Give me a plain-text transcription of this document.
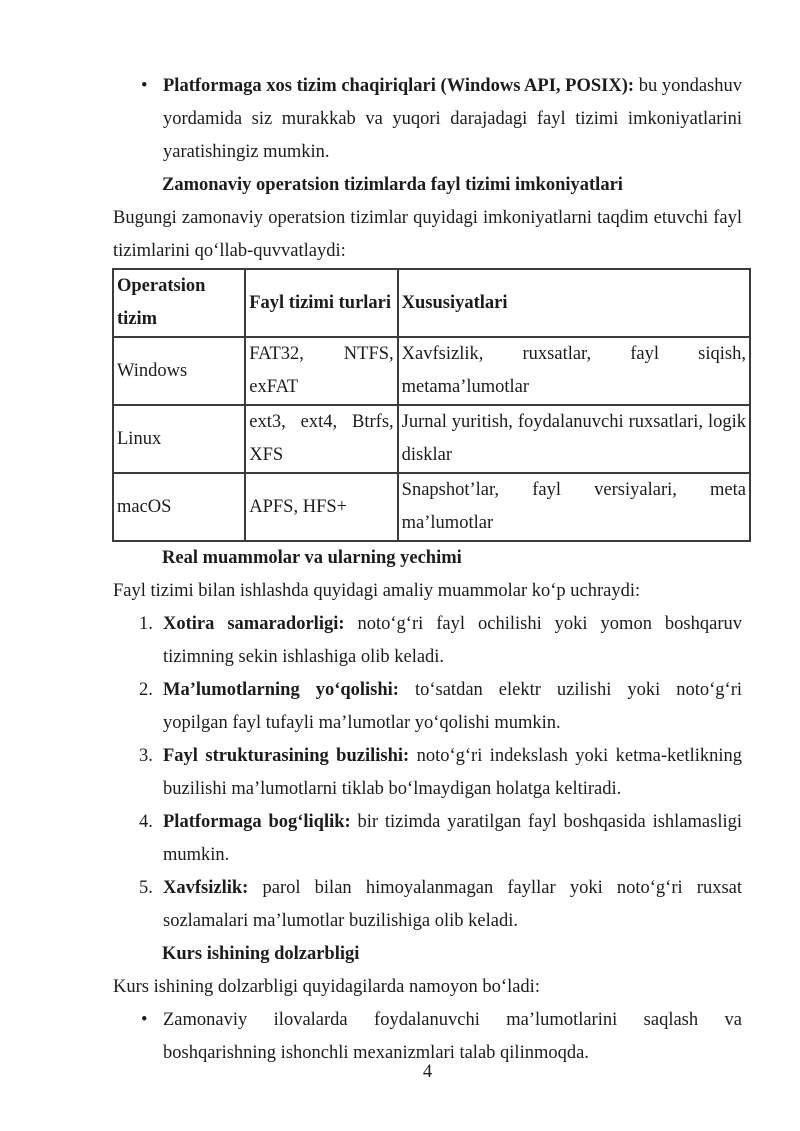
• Platformaga xos tizim chaqiriqlari (Windows API, POSIX): bu yondashuv yordamida siz murakkab va yuqori darajadagi fayl tizimi imkoniyatlarini yaratishingiz mumkin.
Zamonaviy operatsion tizimlarda fayl tizimi imkoniyatlari
Bugungi zamonaviy operatsion tizimlar quyidagi imkoniyatlarni taqdim etuvchi fayl tizimlarini qo‘llab-quvvatlaydi:
Operatsion tizim	Fayl tizimi turlari	Xususiyatlari
Windows	FAT32, NTFS, exFAT	Xavfsizlik, ruxsatlar, fayl siqish, metama’lumotlar
Linux	ext3, ext4, Btrfs, XFS	Jurnal yuritish, foydalanuvchi ruxsatlari, logik disklar
macOS	APFS, HFS+	Snapshot’lar, fayl versiyalari, meta ma’lumotlar
Real muammolar va ularning yechimi
Fayl tizimi bilan ishlashda quyidagi amaliy muammolar ko‘p uchraydi:
1. Xotira samaradorligi: noto‘g‘ri fayl ochilishi yoki yomon boshqaruv tizimning sekin ishlashiga olib keladi.
2. Ma’lumotlarning yo‘qolishi: to‘satdan elektr uzilishi yoki noto‘g‘ri yopilgan fayl tufayli ma’lumotlar yo‘qolishi mumkin.
3. Fayl strukturasining buzilishi: noto‘g‘ri indekslash yoki ketma-ketlikning buzilishi ma’lumotlarni tiklab bo‘lmaydigan holatga keltiradi.
4. Platformaga bog‘liqlik: bir tizimda yaratilgan fayl boshqasida ishlamasligi mumkin.
5. Xavfsizlik: parol bilan himoyalanmagan fayllar yoki noto‘g‘ri ruxsat sozlamalari ma’lumotlar buzilishiga olib keladi.
Kurs ishining dolzarbligi
Kurs ishining dolzarbligi quyidagilarda namoyon bo‘ladi:
• Zamonaviy ilovalarda foydalanuvchi ma’lumotlarini saqlash va boshqarishning ishonchli mexanizmlari talab qilinmoqda.
4
